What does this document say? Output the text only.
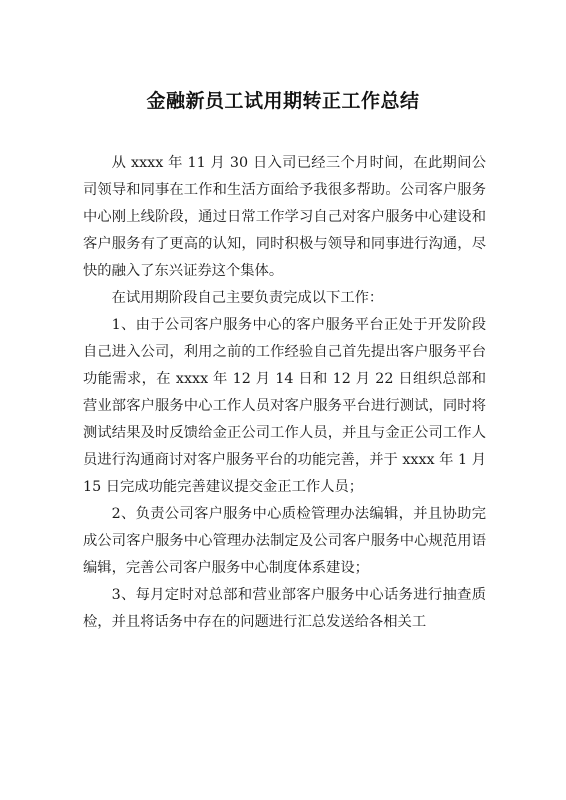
金融新员工试用期转正工作总结

从 xxxx 年 11 月 30 日入司已经三个月时间，在此期间公司领导和同事在工作和生活方面给予我很多帮助。公司客户服务中心刚上线阶段，通过日常工作学习自己对客户服务中心建设和客户服务有了更高的认知，同时积极与领导和同事进行沟通，尽快的融入了东兴证券这个集体。

在试用期阶段自己主要负责完成以下工作：

1、由于公司客户服务中心的客户服务平台正处于开发阶段自己进入公司，利用之前的工作经验自己首先提出客户服务平台功能需求，在 xxxx 年 12 月 14 日和 12 月 22 日组织总部和营业部客户服务中心工作人员对客户服务平台进行测试，同时将测试结果及时反馈给金正公司工作人员，并且与金正公司工作人员进行沟通商讨对客户服务平台的功能完善，并于 xxxx 年 1 月 15 日完成功能完善建议提交金正工作人员；

2、负责公司客户服务中心质检管理办法编辑，并且协助完成公司客户服务中心管理办法制定及公司客户服务中心规范用语编辑，完善公司客户服务中心制度体系建设；

3、每月定时对总部和营业部客户服务中心话务进行抽查质检，并且将话务中存在的问题进行汇总发送给各相关工
